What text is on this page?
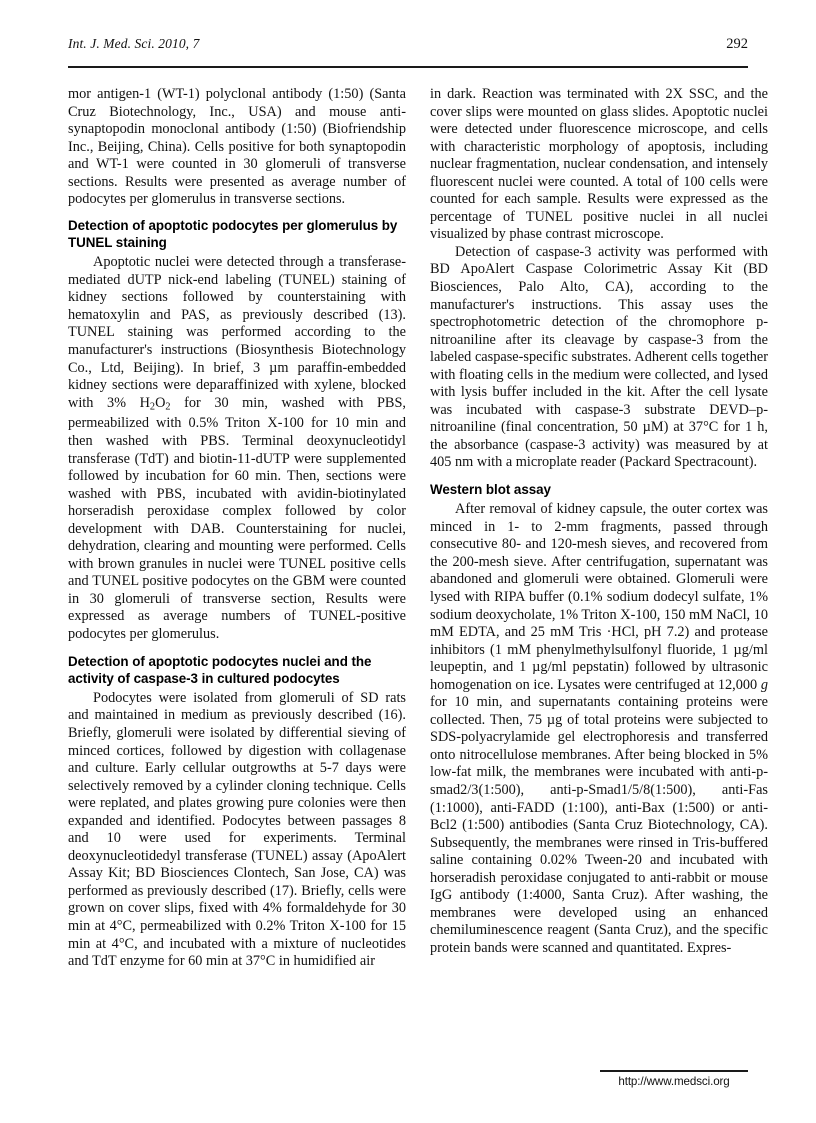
Int. J. Med. Sci. 2010, 7	292

mor antigen-1 (WT-1) polyclonal antibody (1:50) (Santa Cruz Biotechnology, Inc., USA) and mouse anti-synaptopodin monoclonal antibody (1:50) (Biofriendship Inc., Beijing, China). Cells positive for both synaptopodin and WT-1 were counted in 30 glomeruli of transverse sections. Results were presented as average number of podocytes per glomerulus in transverse sections.

Detection of apoptotic podocytes per glomerulus by TUNEL staining

Apoptotic nuclei were detected through a transferase-mediated dUTP nick-end labeling (TUNEL) staining of kidney sections followed by counterstaining with hematoxylin and PAS, as previously described (13). TUNEL staining was performed according to the manufacturer's instructions (Biosynthesis Biotechnology Co., Ltd, Beijing). In brief, 3 µm paraffin-embedded kidney sections were deparaffinized with xylene, blocked with 3% $H_2O_2$ for 30 min, washed with PBS, permeabilized with 0.5% Triton X-100 for 10 min and then washed with PBS. Terminal deoxynucleotidyl transferase (TdT) and biotin-11-dUTP were supplemented followed by incubation for 60 min. Then, sections were washed with PBS, incubated with avidin-biotinylated horseradish peroxidase complex followed by color development with DAB. Counterstaining for nuclei, dehydration, clearing and mounting were performed. Cells with brown granules in nuclei were TUNEL positive cells and TUNEL positive podocytes on the GBM were counted in 30 glomeruli of transverse section, Results were expressed as average numbers of TUNEL-positive podocytes per glomerulus.

Detection of apoptotic podocytes nuclei and the activity of caspase-3 in cultured podocytes

Podocytes were isolated from glomeruli of SD rats and maintained in medium as previously described (16). Briefly, glomeruli were isolated by differential sieving of minced cortices, followed by digestion with collagenase and culture. Early cellular outgrowths at 5-7 days were selectively removed by a cylinder cloning technique. Cells were replated, and plates growing pure colonies were then expanded and identified. Podocytes between passages 8 and 10 were used for experiments. Terminal deoxynucleotidedyl transferase (TUNEL) assay (ApoAlert Assay Kit; BD Biosciences Clontech, San Jose, CA) was performed as previously described (17). Briefly, cells were grown on cover slips, fixed with 4% formaldehyde for 30 min at 4°C, permeabilized with 0.2% Triton X-100 for 15 min at 4°C, and incubated with a mixture of nucleotides and TdT enzyme for 60 min at 37°C in humidified air

in dark. Reaction was terminated with 2X SSC, and the cover slips were mounted on glass slides. Apoptotic nuclei were detected under fluorescence microscope, and cells with characteristic morphology of apoptosis, including nuclear fragmentation, nuclear condensation, and intensely fluorescent nuclei were counted. A total of 100 cells were counted for each sample. Results were expressed as the percentage of TUNEL positive nuclei in all nuclei visualized by phase contrast microscope.

Detection of caspase-3 activity was performed with BD ApoAlert Caspase Colorimetric Assay Kit (BD Biosciences, Palo Alto, CA), according to the manufacturer's instructions. This assay uses the spectrophotometric detection of the chromophore p-nitroaniline after its cleavage by caspase-3 from the labeled caspase-specific substrates. Adherent cells together with floating cells in the medium were collected, and lysed with lysis buffer included in the kit. After the cell lysate was incubated with caspase-3 substrate DEVD–p-nitroaniline (final concentration, 50 µM) at 37°C for 1 h, the absorbance (caspase-3 activity) was measured by at 405 nm with a microplate reader (Packard Spectracount).

Western blot assay

After removal of kidney capsule, the outer cortex was minced in 1- to 2-mm fragments, passed through consecutive 80- and 120-mesh sieves, and recovered from the 200-mesh sieve. After centrifugation, supernatant was abandoned and glomeruli were obtained. Glomeruli were lysed with RIPA buffer (0.1% sodium dodecyl sulfate, 1% sodium deoxycholate, 1% Triton X-100, 150 mM NaCl, 10 mM EDTA, and 25 mM Tris ·HCl, pH 7.2) and protease inhibitors (1 mM phenylmethylsulfonyl fluoride, 1 µg/ml leupeptin, and 1 µg/ml pepstatin) followed by ultrasonic homogenation on ice. Lysates were centrifuged at 12,000 g for 10 min, and supernatants containing proteins were collected. Then, 75 µg of total proteins were subjected to SDS-polyacrylamide gel electrophoresis and transferred onto nitrocellulose membranes. After being blocked in 5% low-fat milk, the membranes were incubated with anti-p-smad2/3(1:500), anti-p-Smad1/5/8(1:500), anti-Fas (1:1000), anti-FADD (1:100), anti-Bax (1:500) or anti-Bcl2 (1:500) antibodies (Santa Cruz Biotechnology, CA). Subsequently, the membranes were rinsed in Tris-buffered saline containing 0.02% Tween-20 and incubated with horseradish peroxidase conjugated to anti-rabbit or mouse IgG antibody (1:4000, Santa Cruz). After washing, the membranes were developed using an enhanced chemiluminescence reagent (Santa Cruz), and the specific protein bands were scanned and quantitated. Expres-

http://www.medsci.org
